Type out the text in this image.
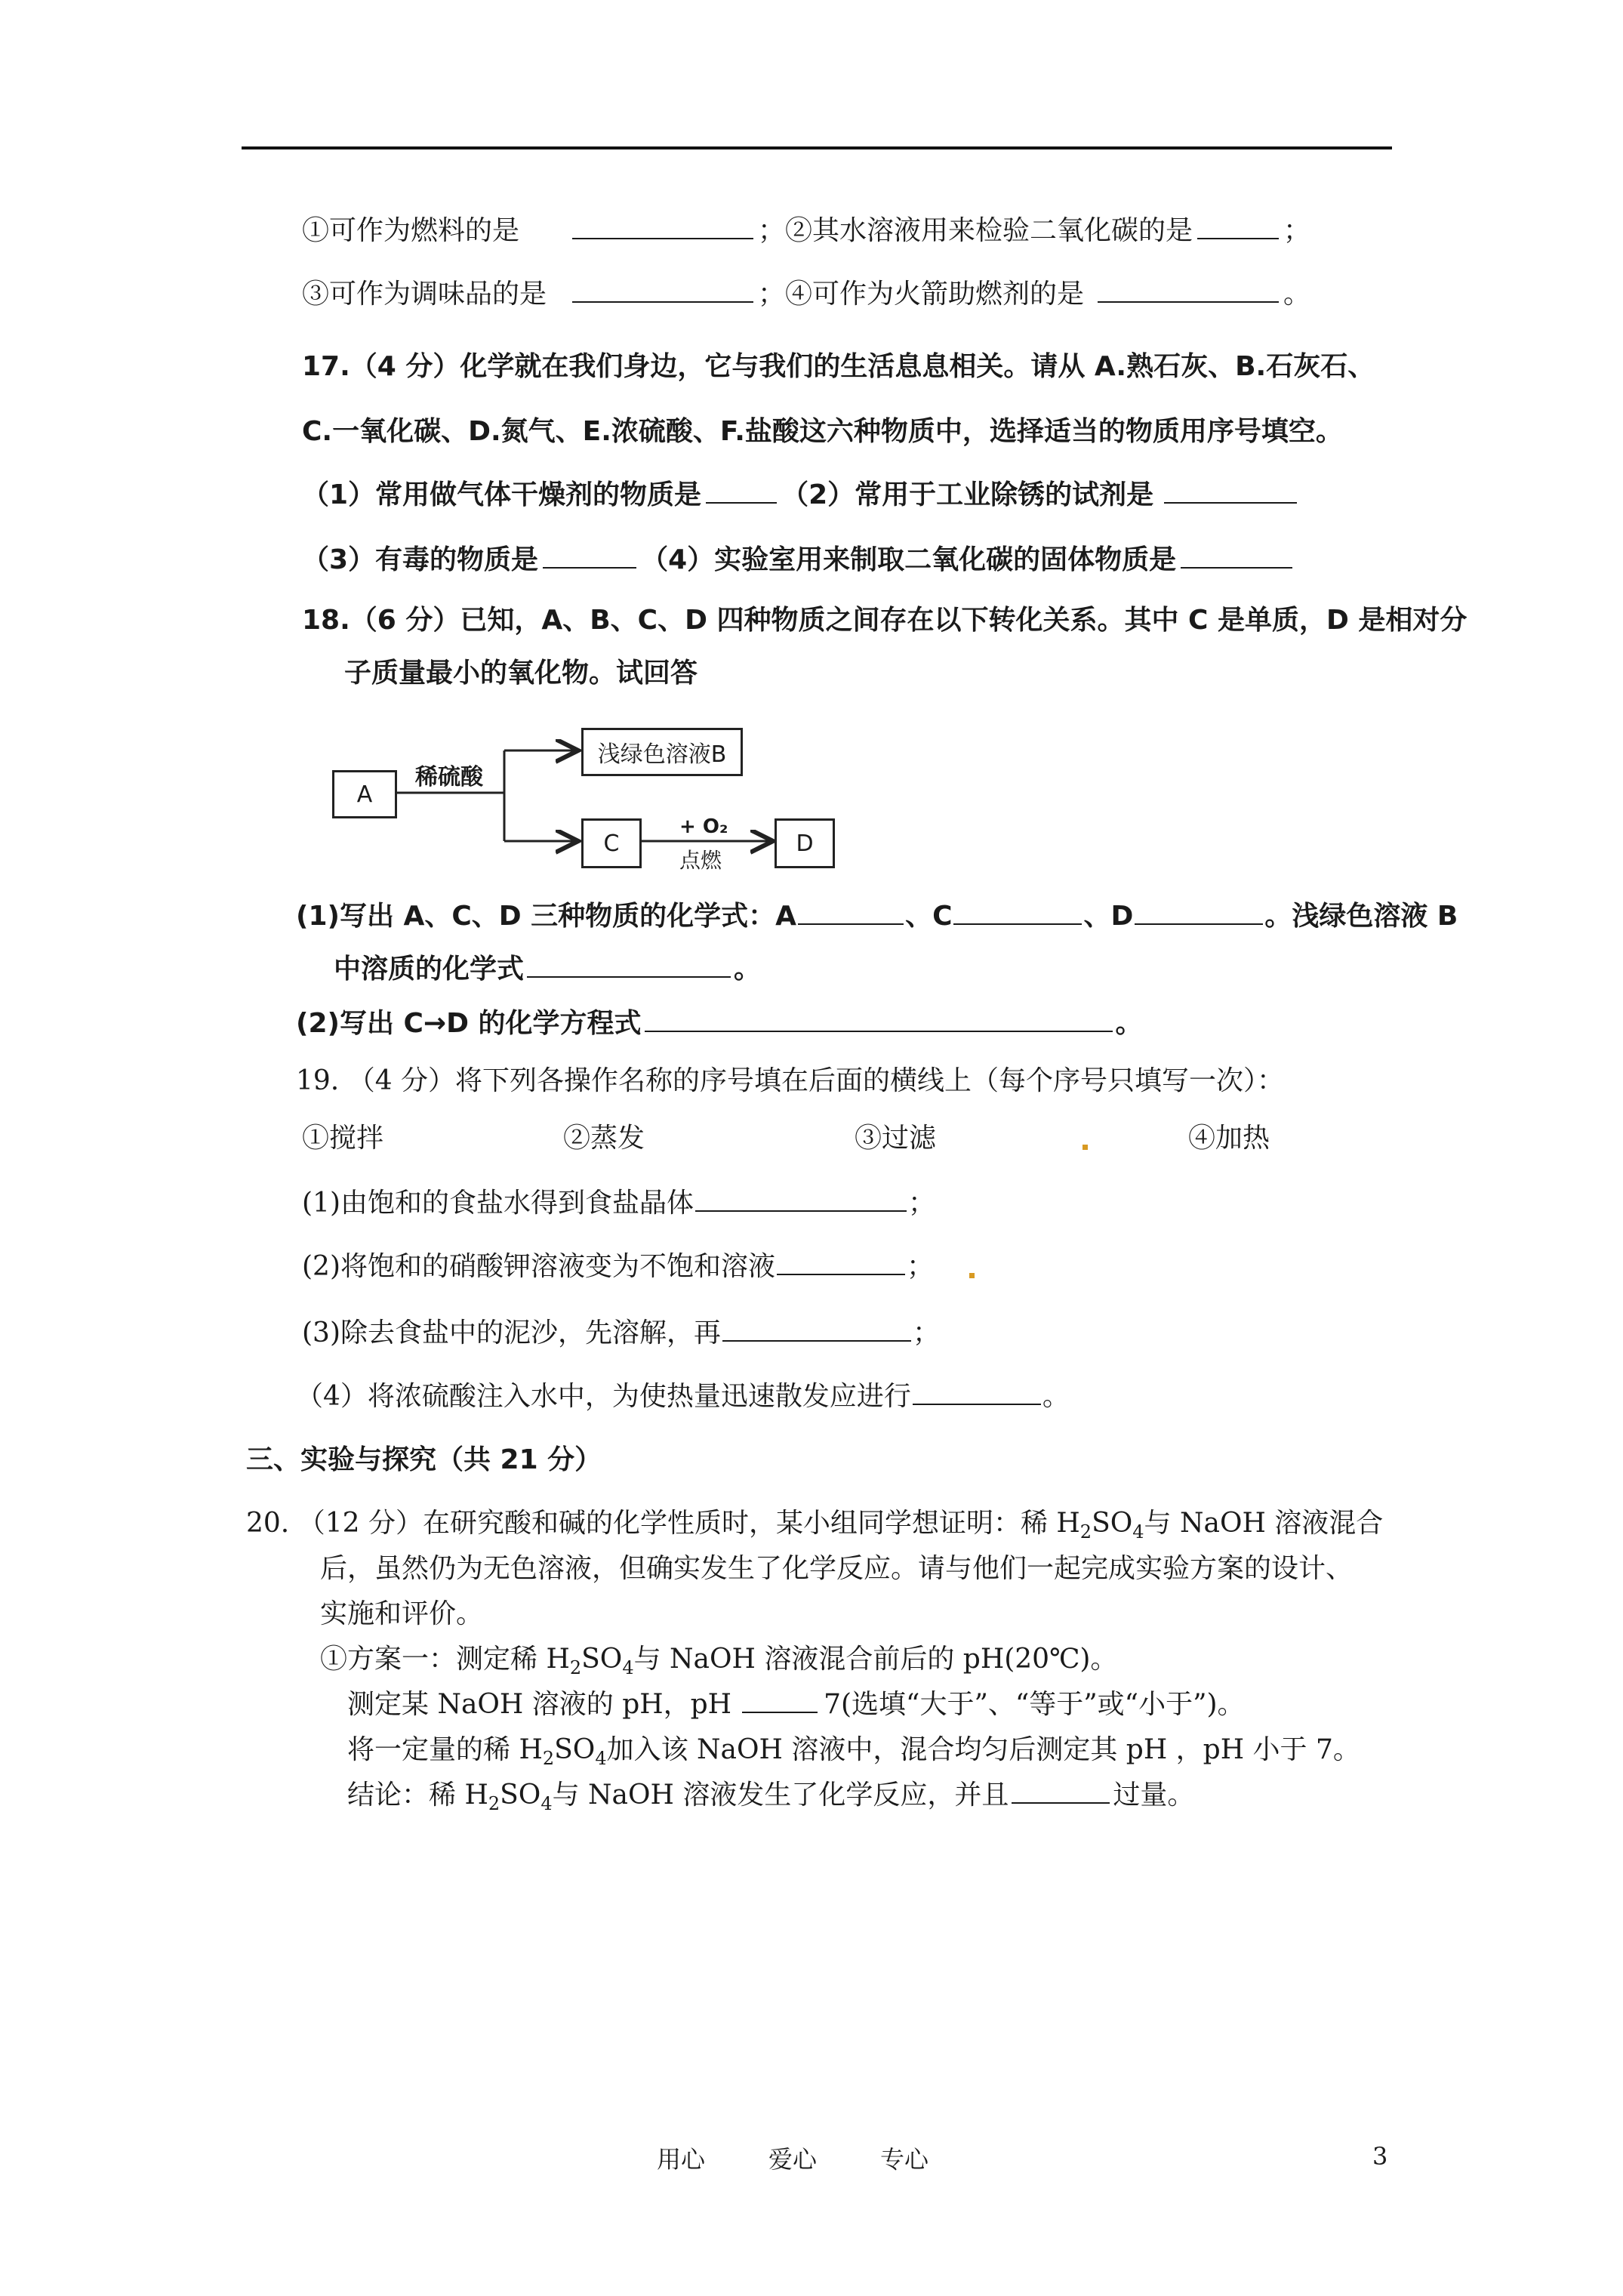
①可作为燃料的是	；②其水溶液用来检验二氧化碳的是	；
③可作为调味品的是	；④可作为火箭助燃剂的是	。
17.（4 分）化学就在我们身边，它与我们的生活息息相关。请从 A.熟石灰、B.石灰石、
C.一氧化碳、D.氮气、E.浓硫酸、F.盐酸这六种物质中，选择适当的物质用序号填空。
（1）常用做气体干燥剂的物质是	（2）常用于工业除锈的试剂是
（3）有毒的物质是	（4）实验室用来制取二氧化碳的固体物质是
18.（6 分）已知，A、B、C、D 四种物质之间存在以下转化关系。其中 C 是单质，D 是相对分
子质量最小的氧化物。试回答
A
浅绿色溶液B
C	D
稀硫酸
+ O₂
点燃
(1)写出 A、C、D 三种物质的化学式：A	、C	、D	。浅绿色溶液 B
中溶质的化学式	。
(2)写出 C→D 的化学方程式	。
19. （4 分）将下列各操作名称的序号填在后面的横线上（每个序号只填写一次）：
①搅拌	②蒸发	③过滤	④加热
(1)由饱和的食盐水得到食盐晶体	；
(2)将饱和的硝酸钾溶液变为不饱和溶液	；
(3)除去食盐中的泥沙，先溶解，再	；
（4）将浓硫酸注入水中，为使热量迅速散发应进行	。
三、实验与探究（共 21 分）
20. （12 分）在研究酸和碱的化学性质时，某小组同学想证明：稀 $H_2SO_4$与 NaOH 溶液混合
后，虽然仍为无色溶液，但确实发生了化学反应。请与他们一起完成实验方案的设计、
实施和评价。
①方案一：测定稀 $H_2SO_4$与 NaOH 溶液混合前后的 pH(20℃)。
测定某 NaOH 溶液的 pH，pH	7(选填“大于”、“等于”或“小于”)。
将一定量的稀 $H_2SO_4$加入该 NaOH 溶液中，混合均匀后测定其 pH ，pH 小于 7。
结论：稀 $H_2SO_4$与 NaOH 溶液发生了化学反应，并且	过量。
用心	爱心	专心	3
